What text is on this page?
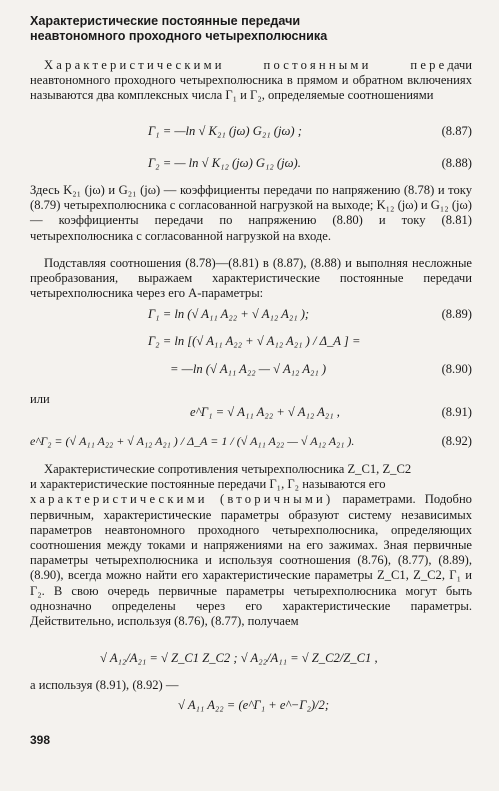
Характеристические постоянные передачи
неавтономного проходного четырехполюсника
Характеристическими постоянными передачи неавтономного проходного четырехполюсника в прямом и обратном включениях называются два комплексных числа Г₁ и Г₂, определяемые соотношениями
Г₁ = —ln √ K₂₁ (jω) G₂₁ (jω) ;	(8.87)
Г₂ = — ln √ K₁₂ (jω) G₁₂ (jω).	(8.88)
Здесь K₂₁ (jω) и G₂₁ (jω) — коэффициенты передачи по напряжению (8.78) и току (8.79) четырехполюсника с согласованной нагрузкой на выходе; K₁₂ (jω) и G₁₂ (jω) — коэффициенты передачи по напряжению (8.80) и току (8.81) четырехполюсника с согласованной нагрузкой на входе.
Подставляя соотношения (8.78)—(8.81) в (8.87), (8.88) и выполняя несложные преобразования, выражаем характеристические постоянные передачи четырехполюсника через его A-параметры:
Г₁ = ln (√ A₁₁ A₂₂ + √ A₁₂ A₂₁ );	(8.89)
Г₂ = ln [(√ A₁₁ A₂₂ + √ A₁₂ A₂₁ ) / Δ_A ] =
= —ln (√ A₁₁ A₂₂ — √ A₁₂ A₂₁ )	(8.90)
или
e^Г₁ = √ A₁₁ A₂₂ + √ A₁₂ A₂₁ ,	(8.91)
e^Г₂ = (√ A₁₁ A₂₂ + √ A₁₂ A₂₁ ) / Δ_A = 1 / (√ A₁₁ A₂₂ — √ A₁₂ A₂₁ ).	(8.92)
Характеристические сопротивления четырехполюсника Z_C1, Z_C2
и характеристические постоянные передачи Г₁, Г₂ называются его
характеристическими (вторичными) параметрами. Подобно первичным, характеристические параметры образуют систему независимых параметров неавтономного проходного четырехполюсника, определяющих соотношения между токами и напряжениями на его зажимах. Зная первичные параметры четырехполюсника и используя соотношения (8.76), (8.77), (8.89), (8.90), всегда можно найти его характеристические параметры Z_C1, Z_C2, Г₁ и Г₂. В свою очередь первичные параметры четырехполюсника могут быть однозначно определены через его характеристические параметры. Действительно, используя (8.76), (8.77), получаем
√ A₁₂/A₂₁ = √ Z_C1 Z_C2 ; √ A₂₂/A₁₁ = √ Z_C2/Z_C1 ,
а используя (8.91), (8.92) —
√ A₁₁ A₂₂ = (e^Г₁ + e^−Г₂)/2;
398
